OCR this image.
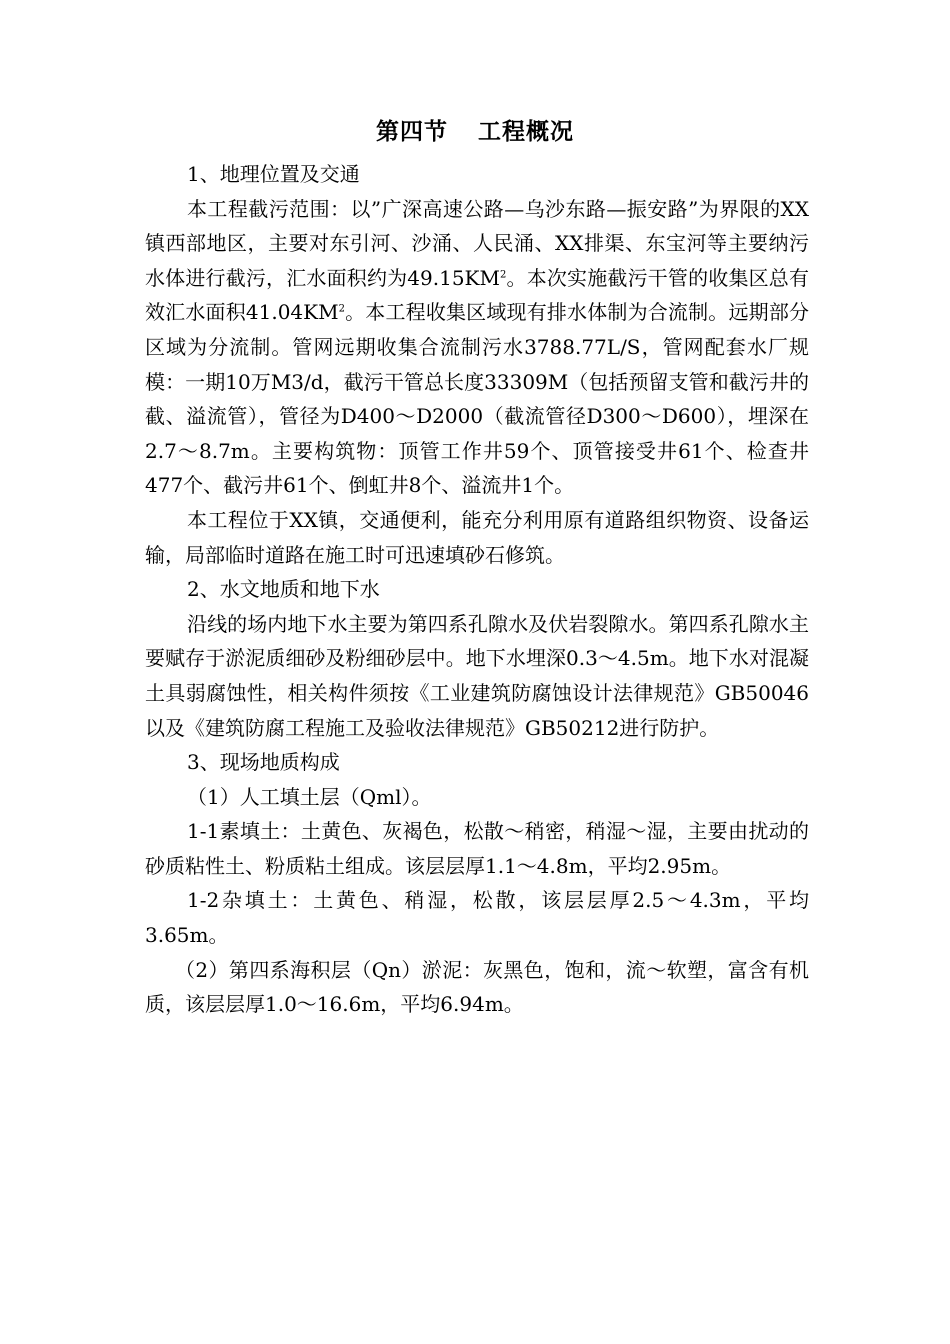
第四节 工程概况

1、地理位置及交通

本工程截污范围：以”广深高速公路—乌沙东路—振安路”为界限的XX镇西部地区，主要对东引河、沙涌、人民涌、XX排渠、东宝河等主要纳污水体进行截污，汇水面积约为$49.15KM^2$。本次实施截污干管的收集区总有效汇水面积$41.04KM^2$。本工程收集区域现有排水体制为合流制。远期部分区域为分流制。管网远期收集合流制污水3788.77L/S，管网配套水厂规模：一期10万M3/d，截污干管总长度33309M（包括预留支管和截污井的截、溢流管），管径为D400～D2000（截流管径D300～D600），埋深在2.7～8.7m。主要构筑物：顶管工作井59个、顶管接受井61个、检查井477个、截污井61个、倒虹井8个、溢流井1个。

本工程位于XX镇，交通便利，能充分利用原有道路组织物资、设备运输，局部临时道路在施工时可迅速填砂石修筑。

2、水文地质和地下水

沿线的场内地下水主要为第四系孔隙水及伏岩裂隙水。第四系孔隙水主要赋存于淤泥质细砂及粉细砂层中。地下水埋深0.3～4.5m。地下水对混凝土具弱腐蚀性，相关构件须按《工业建筑防腐蚀设计法律规范》GB50046以及《建筑防腐工程施工及验收法律规范》GB50212进行防护。

3、现场地质构成

（1）人工填土层（Qml）。

1-1素填土：土黄色、灰褐色，松散～稍密，稍湿～湿，主要由扰动的砂质粘性土、粉质粘土组成。该层层厚1.1～4.8m，平均2.95m。

1-2杂填土：土黄色、稍湿，松散，该层层厚2.5～4.3m，平均3.65m。

（2）第四系海积层（Qn）淤泥：灰黑色，饱和，流～软塑，富含有机质，该层层厚1.0～16.6m，平均6.94m。
